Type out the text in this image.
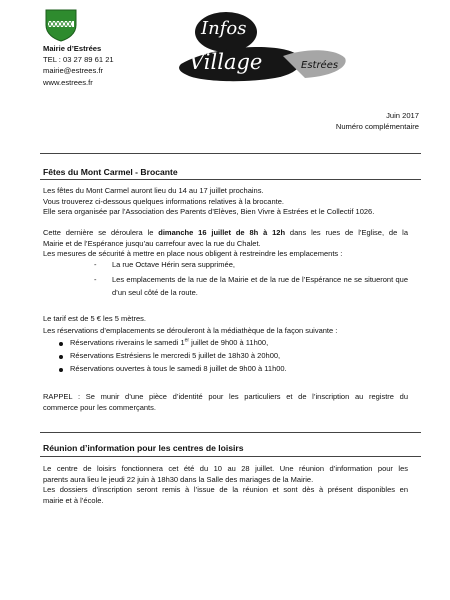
Mairie d’Estrées
TEL : 03 27 89 61 21
mairie@estrees.fr
www.estrees.fr
Infos
Village	Estrées
Juin 2017
Numéro complémentaire
Fêtes du Mont Carmel - Brocante
Les fêtes du Mont Carmel auront lieu du 14 au 17 juillet prochains.
Vous trouverez ci-dessous quelques informations relatives à la brocante.
Elle sera organisée par l’Association des Parents d’Elèves, Bien Vivre à Estrées et le Collectif 1026.
Cette dernière se déroulera le dimanche 16 juillet de 8h à 12h dans les rues de l’Eglise, de la
Mairie et de l’Espérance jusqu’au carrefour avec la rue du Chalet.
Les mesures de sécurité à mettre en place nous obligent à restreindre les emplacements :
- La rue Octave Hérin sera supprimée,
- Les emplacements de la rue de la Mairie et de la rue de l’Espérance ne se situeront que
d’un seul côté de la route.
Le tarif est de 5 € les 5 mètres.
Les réservations d’emplacements se dérouleront à la médiathèque de la façon suivante :
Réservations riverains le samedi 1er juillet de 9h00 à 11h00,
Réservations Estrésiens le mercredi 5 juillet de 18h30 à 20h00,
Réservations ouvertes à tous le samedi 8 juillet de 9h00 à 11h00.
RAPPEL : Se munir d’une pièce d’identité pour les particuliers et de l’inscription au registre du
commerce pour les commerçants.
Réunion d’information pour les centres de loisirs
Le centre de loisirs fonctionnera cet été du 10 au 28 juillet. Une réunion d’information pour les
parents aura lieu le jeudi 22 juin à 18h30 dans la Salle des mariages de la Mairie.
Les dossiers d’inscription seront remis à l’issue de la réunion et sont dès à présent disponibles en
mairie et à l’école.
